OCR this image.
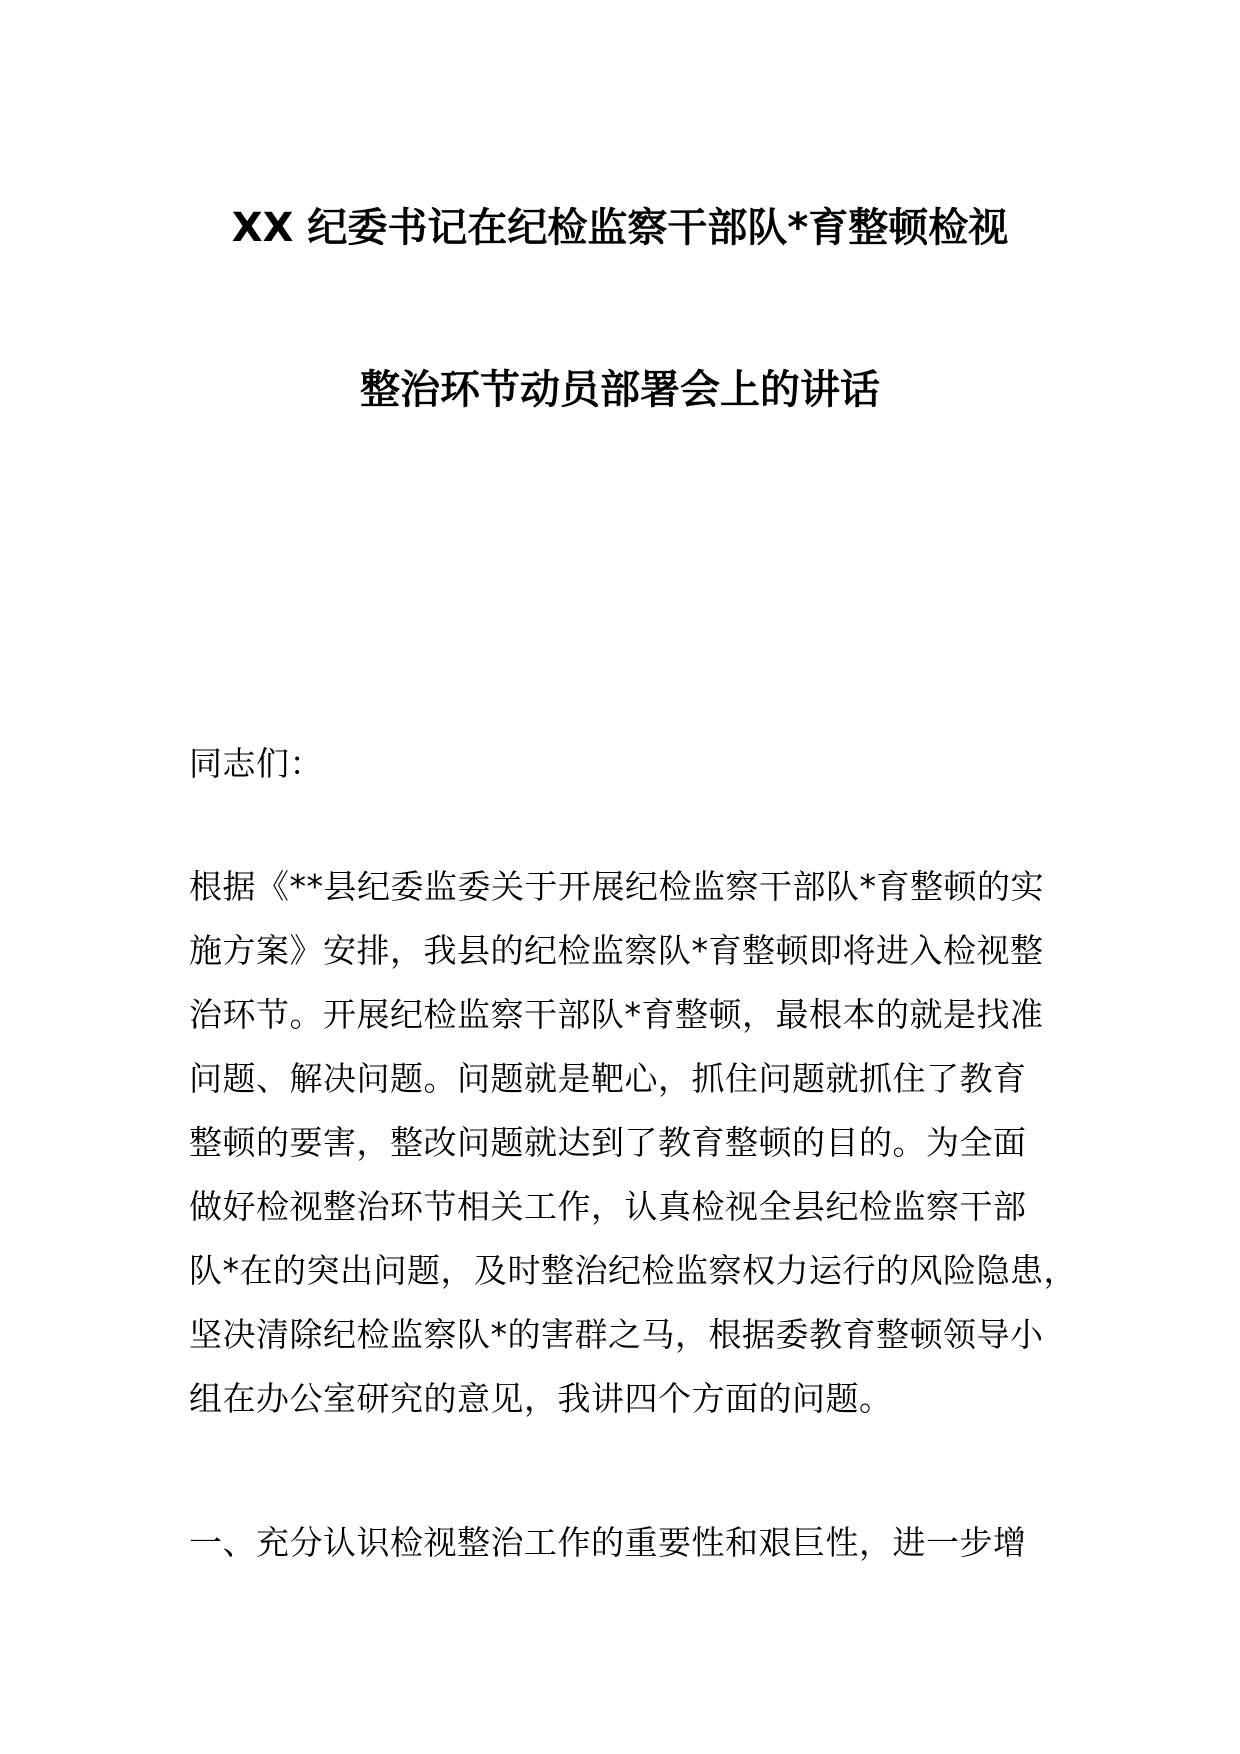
XX 纪委书记在纪检监察干部队*育整顿检视
整治环节动员部署会上的讲话
同志们：
根据《**县纪委监委关于开展纪检监察干部队*育整顿的实
施方案》安排，我县的纪检监察队*育整顿即将进入检视整
治环节。开展纪检监察干部队*育整顿，最根本的就是找准
问题、解决问题。问题就是靶心，抓住问题就抓住了教育
整顿的要害，整改问题就达到了教育整顿的目的。为全面
做好检视整治环节相关工作，认真检视全县纪检监察干部
队*在的突出问题，及时整治纪检监察权力运行的风险隐患，
坚决清除纪检监察队*的害群之马，根据委教育整顿领导小
组在办公室研究的意见，我讲四个方面的问题。
一、充分认识检视整治工作的重要性和艰巨性，进一步增
